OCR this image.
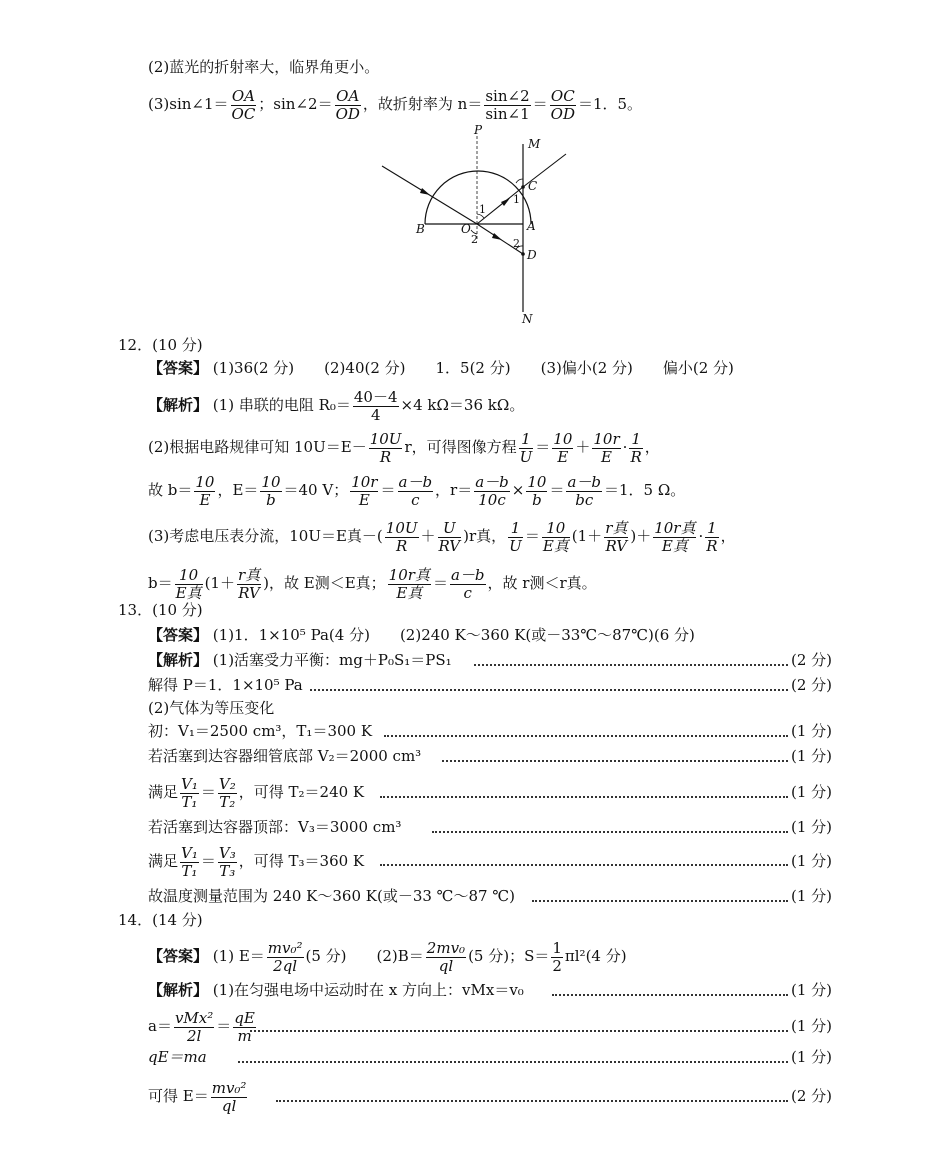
(2)蓝光的折射率大，临界角更小。
(3)sin∠1＝ $\frac{OA}{OC}$ ；sin∠2＝ $\frac{OA}{OD}$ ，故折射率为 $n= \frac{\sin\angle 2}{\sin\angle 1} = \frac{OC}{OD} =1$．5。
P
M
C
A
B	O
D
N
1
2
1
2
12．(10 分)
【答案】 (1)36(2 分)　　(2)40(2 分)　　1．5(2 分)　　(3)偏小(2 分)　　偏小(2 分)
【解析】 (1) 串联的电阻 $R_0= \frac{40-4}{4} \times 4$ kΩ＝36 kΩ。
(2)根据电路规律可知 $10U=E- \frac{10U}{R}$ r，可得图像方程 $\frac{1}{U} = \frac{10}{E} + \frac{10r}{E} \cdot \frac{1}{R}$ ，
故 $b= \frac{10}{E}$ ，$E= \frac{10}{b} =40$ V； $\frac{10r}{E} = \frac{a-b}{c}$ ，$r= \frac{a-b}{10c} \times \frac{10}{b} = \frac{a-b}{bc} =1$．5 Ω。
(3)考虑电压表分流，10U＝E真－( $\frac{10U}{R} + \frac{U}{RV} )r$真， $\frac{1}{U} = \frac{10}{\text{E真}} (1+ \frac{\text{r真}}{RV}$ )＋ $\frac{\text{10r真}}{\text{E真}} \cdot \frac{1}{R}$ ，
$b= \frac{10}{\text{E真}} (1+ \frac{\text{r真}}{RV}$ )，故 E测＜E真； $\frac{\text{10r真}}{\text{E真}} = \frac{a-b}{c}$ ，故 r测＜r真。
13．(10 分)
【答案】 (1)1．1×10⁵ Pa(4 分)　　(2)240 K～360 K(或－33℃～87℃)(6 分)
【解析】 (1)活塞受力平衡：mg＋P₀S₁＝PS₁	(2 分)
解得 P＝1．1×10⁵ Pa	(2 分)
(2)气体为等压变化
初：V₁＝2500 cm³，T₁＝300 K	(1 分)
若活塞到达容器细管底部 V₂＝2000 cm³	(1 分)
满足 $\frac{\text{V₁}}{\text{T₁}} = \frac{\text{V₂}}{\text{T₂}}$ ，可得 T₂＝240 K	(1 分)
若活塞到达容器顶部：V₃＝3000 cm³	(1 分)
满足 $\frac{\text{V₁}}{\text{T₁}} = \frac{\text{V₃}}{\text{T₃}}$ ，可得 T₃＝360 K	(1 分)
故温度测量范围为 240 K～360 K(或－33 ℃～87 ℃)	(1 分)
14．(14 分)
【答案】 (1) $E= \frac{\text{mv₀²}}{2ql} (5$ 分)　　$(2)B= \frac{\text{2mv₀}}{ql} (5$ 分)；$S= \frac{1}{2} \pi l^2(4$ 分)
【解析】 (1)在匀强电场中运动时在 x 方向上：vMx＝v₀	(1 分)
$a= \frac{\text{vMx²}}{2l} = \frac{qE}{m}$	(1 分)
qE＝ma	(1 分)
可得 $E= \frac{\text{mv₀²}}{ql}$	(2 分)
